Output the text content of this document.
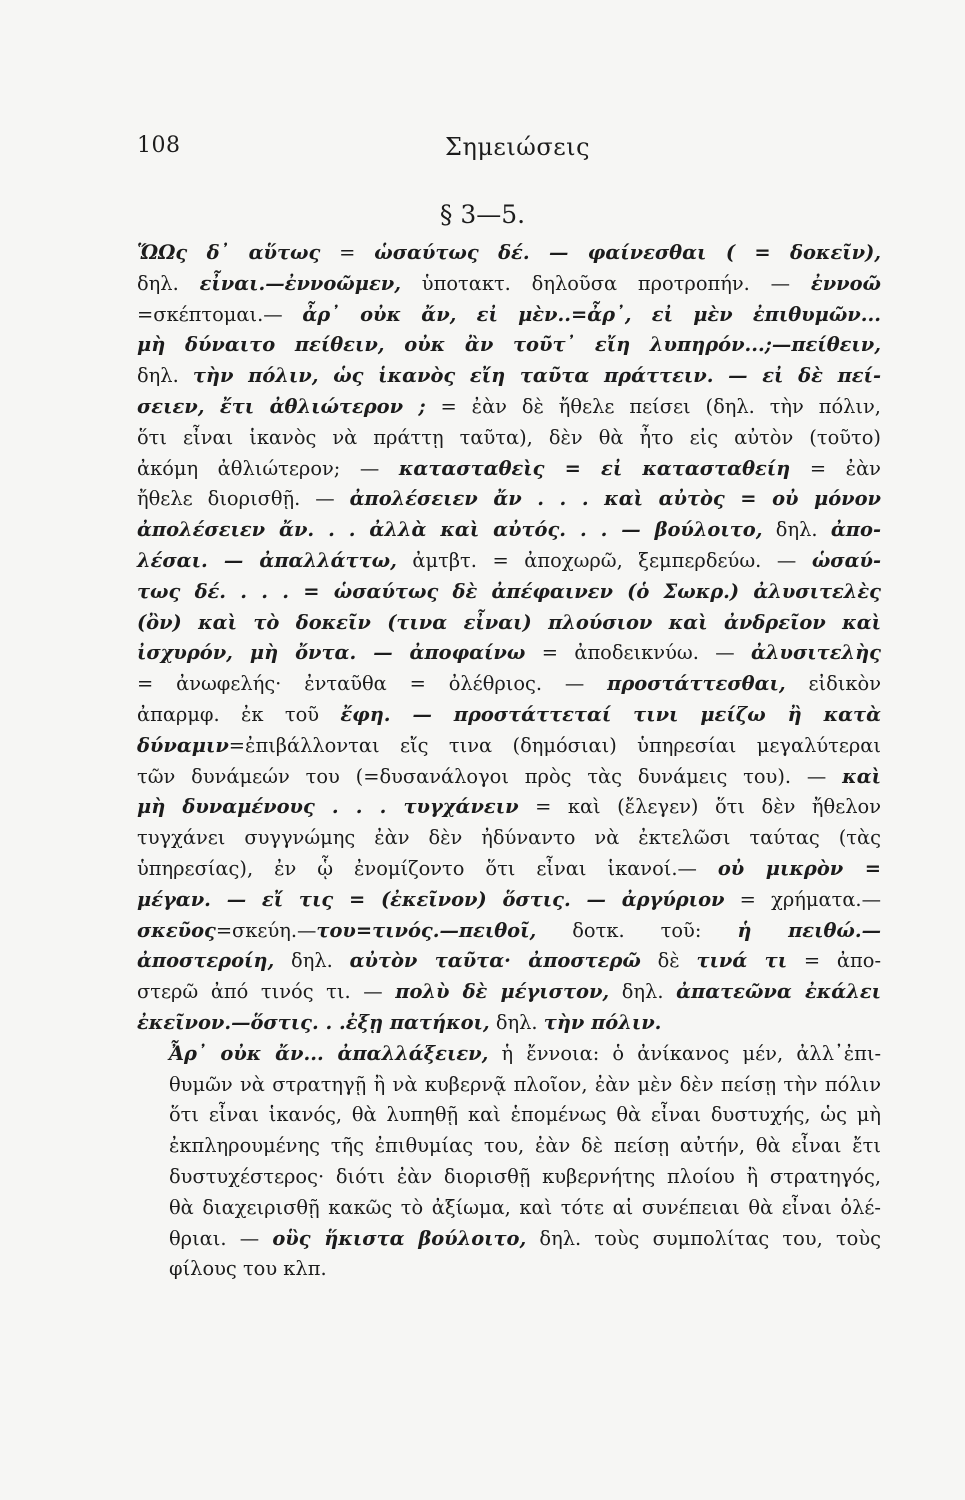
108	Σημειώσεις
§ 3—5.
ὭΩς δ᾽ αὕτως = ὡσαύτως δέ. — φαίνεσθαι ( = δοκεῖν),
δηλ. εἶναι.—ἐννοῶμεν, ὑποτακτ. δηλοῦσα προτροπήν. — ἐννοῶ
=σκέπτομαι.— ἆρ᾽ οὐκ ἄν, εἰ μὲν..=ἆρ᾽, εἰ μὲν ἐπιθυμῶν...
μὴ δύναιτο πείθειν, οὐκ ἂν τοῦτ᾽ εἴη λυπηρόν...;—πείθειν,
δηλ. τὴν πόλιν, ὡς ἱκανὸς εἴη ταῦτα πράττειν. — εἰ δὲ πεί-
σειεν, ἔτι ἀθλιώτερον ; = ἐὰν δὲ ἤθελε πείσει (δηλ. τὴν πόλιν,
ὅτι εἶναι ἱκανὸς νὰ πράττῃ ταῦτα), δὲν θὰ ἦτο εἰς αὐτὸν (τοῦτο)
ἀκόμη ἀθλιώτερον; — κατασταθεὶς = εἰ κατασταθείη = ἐὰν
ἤθελε διορισθῇ. — ἀπολέσειεν ἄν . . . καὶ αὐτὸς = οὐ μόνον
ἀπολέσειεν ἄν. . . ἀλλὰ καὶ αὐτός. . . — βούλοιτο, δηλ. ἀπο-
λέσαι. — ἀπαλλάττω, ἀμτβτ. = ἀποχωρῶ, ξεμπερδεύω. — ὡσαύ-
τως δέ. . . . = ὡσαύτως δὲ ἀπέφαινεν (ὁ Σωκρ.) ἀλυσιτελὲς
(ὂν) καὶ τὸ δοκεῖν (τινα εἶναι) πλούσιον καὶ ἀνδρεῖον καὶ
ἰσχυρόν, μὴ ὄντα. — ἀποφαίνω = ἀποδεικνύω. — ἀλυσιτελὴς
= ἀνωφελής· ἐνταῦθα = ὀλέθριος. — προστάττεσθαι, εἰδικὸν
ἀπαρμφ. ἐκ τοῦ ἔφη. — προστάττεταί τινι μείζω ἢ κατὰ
δύναμιν=ἐπιβάλλονται εἴς τινα (δημόσιαι) ὑπηρεσίαι μεγαλύτεραι
τῶν δυνάμεών του (=δυσανάλογοι πρὸς τὰς δυνάμεις του). — καὶ
μὴ δυναμένους . . . τυγχάνειν = καὶ (ἔλεγεν) ὅτι δὲν ἤθελον
τυγχάνει συγγνώμης ἐὰν δὲν ἠδύναντο νὰ ἐκτελῶσι ταύτας (τὰς
ὑπηρεσίας), ἐν ᾧ ἐνομίζοντο ὅτι εἶναι ἱκανοί.— οὐ μικρὸν =
μέγαν. — εἴ τις = (ἐκεῖνον) ὅστις. — ἀργύριον = χρήματα.—
σκεῦος=σκεύη.—του=τινός.—πειθοῖ, δοτκ. τοῦ: ἡ πειθώ.—
ἀποστεροίη, δηλ. αὐτὸν ταῦτα· ἀποστερῶ δὲ τινά τι = ἀπο-
στερῶ ἀπό τινός τι. — πολὺ δὲ μέγιστον, δηλ. ἀπατεῶνα ἐκάλει
ἐκεῖνον.—ὅστις. . .ἐξῃ πατήκοι, δηλ. τὴν πόλιν.
Ἆρ᾽ οὐκ ἄν... ἀπαλλάξειεν, ἡ ἔννοια: ὁ ἀνίκανος μέν, ἀλλ᾽ἐπι-
θυμῶν νὰ στρατηγῇ ἢ νὰ κυβερνᾷ πλοῖον, ἐὰν μὲν δὲν πείσῃ τὴν πόλιν
ὅτι εἶναι ἱκανός, θὰ λυπηθῇ καὶ ἑπομένως θὰ εἶναι δυστυχής, ὡς μὴ
ἐκπληρουμένης τῆς ἐπιθυμίας του, ἐὰν δὲ πείσῃ αὐτήν, θὰ εἶναι ἔτι
δυστυχέστερος· διότι ἐὰν διορισθῇ κυβερνήτης πλοίου ἢ στρατηγός,
θὰ διαχειρισθῇ κακῶς τὸ ἀξίωμα, καὶ τότε αἱ συνέπειαι θὰ εἶναι ὀλέ-
θριαι. — οὓς ἥκιστα βούλοιτο, δηλ. τοὺς συμπολίτας του, τοὺς
φίλους του κλπ.
